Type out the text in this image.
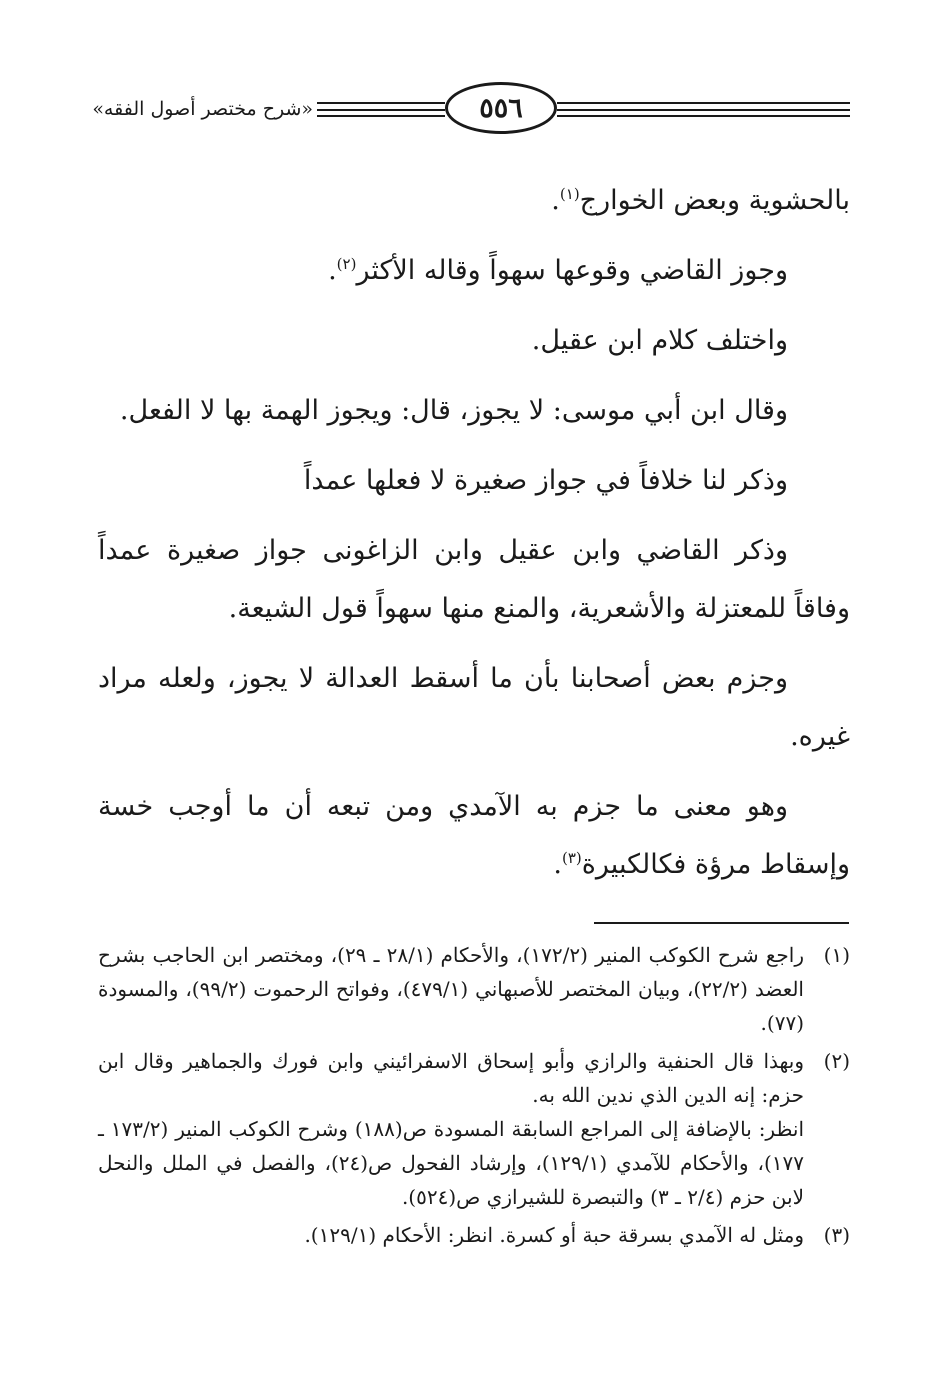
٥٥٦
«شرح مختصر أصول الفقه»

بالحشوية وبعض الخوارج$^{(١)}$.

وجوز القاضي وقوعها سهواً وقاله الأكثر$^{(٢)}$.

واختلف كلام ابن عقيل.

وقال ابن أبي موسى: لا يجوز، قال: ويجوز الهمة بها لا الفعل.

وذكر لنا خلافاً في جواز صغيرة لا فعلها عمداً

وذكر القاضي وابن عقيل وابن الزاغونى جواز صغيرة عمداً وفاقاً للمعتزلة والأشعرية، والمنع منها سهواً قول الشيعة.

وجزم بعض أصحابنا بأن ما أسقط العدالة لا يجوز، ولعله مراد غيره.

وهو معنى ما جزم به الآمدي ومن تبعه أن ما أوجب خسة وإسقاط مرؤة فكالكبيرة$^{(٣)}$.

(١)

راجع شرح الكوكب المنير (١٧٢/٢)، والأحكام (٢٨/١ ـ ٢٩)، ومختصر ابن الحاجب بشرح العضد (٢٢/٢)، وبيان المختصر للأصبهاني (٤٧٩/١)، وفواتح الرحموت (٩٩/٢)، والمسودة (٧٧).

(٢)

وبهذا قال الحنفية والرازي وأبو إسحاق الاسفرائيني وابن فورك والجماهير وقال ابن حزم: إنه الدين الذي ندين الله به.

انظر: بالإضافة إلى المراجع السابقة المسودة ص(١٨٨) وشرح الكوكب المنير (١٧٣/٢ ـ ١٧٧)، والأحكام للآمدي (١٢٩/١)، وإرشاد الفحول ص(٢٤)، والفصل في الملل والنحل لابن حزم (٢/٤ ـ ٣) والتبصرة للشيرازي ص(٥٢٤).

(٣)

ومثل له الآمدي بسرقة حبة أو كسرة. انظر: الأحكام (١٢٩/١).
